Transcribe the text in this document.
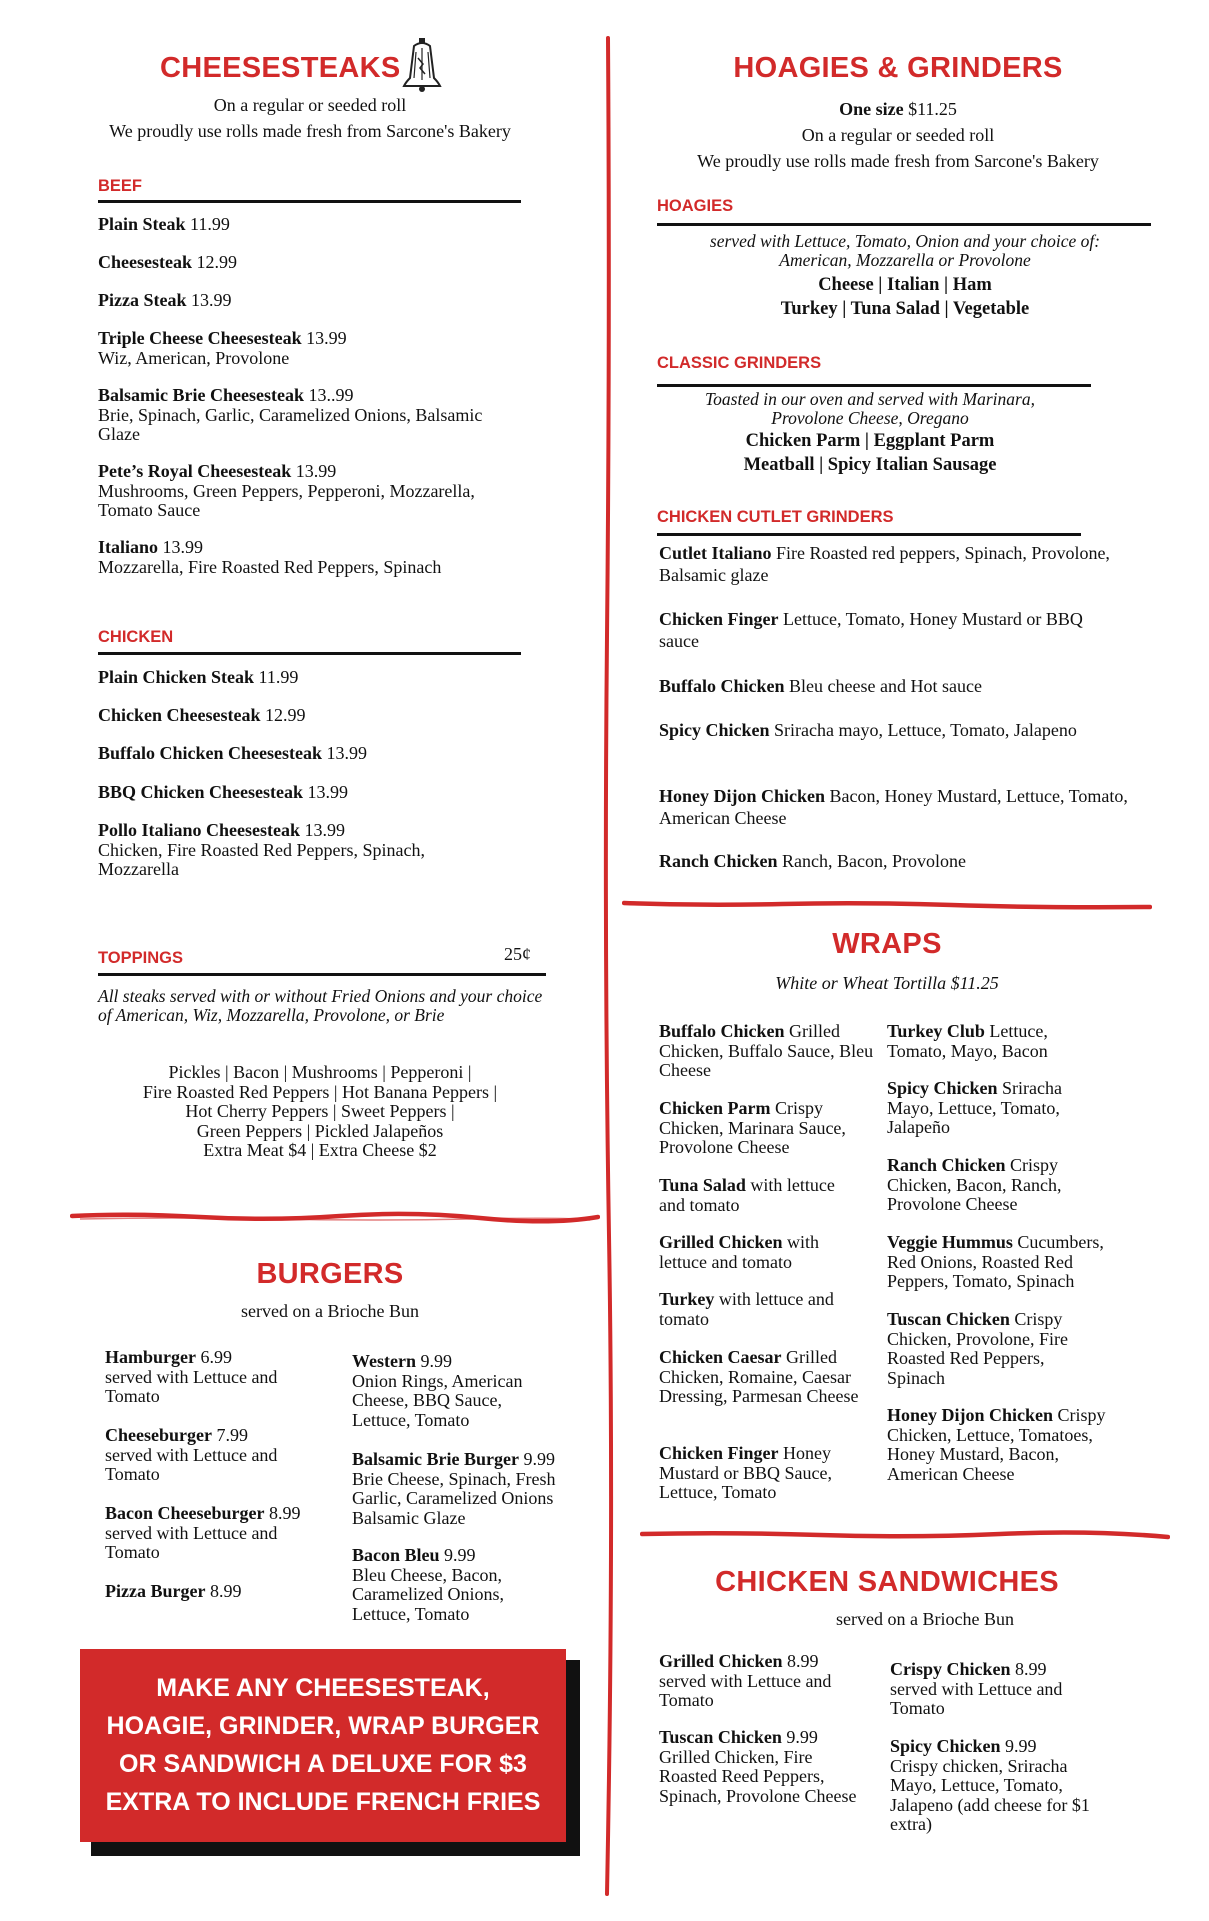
CHEESESTEAKS
On a regular or seeded roll
We proudly use rolls made fresh from Sarcone's Bakery
BEEF
Plain Steak 11.99
Cheesesteak 12.99
Pizza Steak 13.99
Triple Cheese Cheesesteak 13.99
Wiz, American, Provolone
Balsamic Brie Cheesesteak 13..99
Brie, Spinach, Garlic, Caramelized Onions, Balsamic Glaze
Pete’s Royal Cheesesteak 13.99
Mushrooms, Green Peppers, Pepperoni, Mozzarella, Tomato Sauce
Italiano 13.99
Mozzarella, Fire Roasted Red Peppers, Spinach
CHICKEN
Plain Chicken Steak 11.99
Chicken Cheesesteak 12.99
Buffalo Chicken Cheesesteak 13.99
BBQ Chicken Cheesesteak 13.99
Pollo Italiano Cheesesteak 13.99
Chicken, Fire Roasted Red Peppers, Spinach, Mozzarella
TOPPINGS	25¢
All steaks served with or without Fried Onions and your choice of American, Wiz, Mozzarella, Provolone, or Brie
Pickles | Bacon | Mushrooms | Pepperoni |
Fire Roasted Red Peppers | Hot Banana Peppers |
Hot Cherry Peppers | Sweet Peppers |
Green Peppers | Pickled Jalapeños
Extra Meat $4 | Extra Cheese $2
BURGERS
served on a Brioche Bun
Hamburger 6.99
served with Lettuce and Tomato
Cheeseburger 7.99
served with Lettuce and Tomato
Bacon Cheeseburger 8.99
served with Lettuce and Tomato
Pizza Burger 8.99
Western 9.99
Onion Rings, American Cheese, BBQ Sauce, Lettuce, Tomato
Balsamic Brie Burger 9.99
Brie Cheese, Spinach, Fresh Garlic, Caramelized Onions Balsamic Glaze
Bacon Bleu 9.99
Bleu Cheese, Bacon, Caramelized Onions, Lettuce, Tomato
MAKE ANY CHEESESTEAK,
HOAGIE, GRINDER, WRAP BURGER
OR SANDWICH A DELUXE FOR $3
EXTRA TO INCLUDE FRENCH FRIES
HOAGIES & GRINDERS
One size $11.25
On a regular or seeded roll
We proudly use rolls made fresh from Sarcone's Bakery
HOAGIES
served with Lettuce, Tomato, Onion and your choice of:
American, Mozzarella or Provolone
Cheese | Italian | Ham
Turkey | Tuna Salad | Vegetable
CLASSIC GRINDERS
Toasted in our oven and served with Marinara,
Provolone Cheese, Oregano
Chicken Parm | Eggplant Parm
Meatball | Spicy Italian Sausage
CHICKEN CUTLET GRINDERS
Cutlet Italiano Fire Roasted red peppers, Spinach, Provolone, Balsamic glaze
Chicken Finger Lettuce, Tomato, Honey Mustard or BBQ sauce
Buffalo Chicken Bleu cheese and Hot sauce
Spicy Chicken Sriracha mayo, Lettuce, Tomato, Jalapeno
Honey Dijon Chicken Bacon, Honey Mustard, Lettuce, Tomato, American Cheese
Ranch Chicken Ranch, Bacon, Provolone
WRAPS
White or Wheat Tortilla $11.25
Buffalo Chicken Grilled Chicken, Buffalo Sauce, Bleu Cheese
Chicken Parm Crispy Chicken, Marinara Sauce, Provolone Cheese
Tuna Salad with lettuce and tomato
Grilled Chicken with lettuce and tomato
Turkey with lettuce and tomato
Chicken Caesar Grilled Chicken, Romaine, Caesar Dressing, Parmesan Cheese
Chicken Finger Honey Mustard or BBQ Sauce, Lettuce, Tomato
Turkey Club Lettuce, Tomato, Mayo, Bacon
Spicy Chicken Sriracha Mayo, Lettuce, Tomato, Jalapeño
Ranch Chicken Crispy Chicken, Bacon, Ranch, Provolone Cheese
Veggie Hummus Cucumbers, Red Onions, Roasted Red Peppers, Tomato, Spinach
Tuscan Chicken Crispy Chicken, Provolone, Fire Roasted Red Peppers, Spinach
Honey Dijon Chicken Crispy Chicken, Lettuce, Tomatoes, Honey Mustard, Bacon, American Cheese
CHICKEN SANDWICHES
served on a Brioche Bun
Grilled Chicken 8.99
served with Lettuce and Tomato
Tuscan Chicken 9.99
Grilled Chicken, Fire Roasted Reed Peppers, Spinach, Provolone Cheese
Crispy Chicken 8.99
served with Lettuce and Tomato
Spicy Chicken 9.99
Crispy chicken, Sriracha Mayo, Lettuce, Tomato, Jalapeno (add cheese for $1 extra)
